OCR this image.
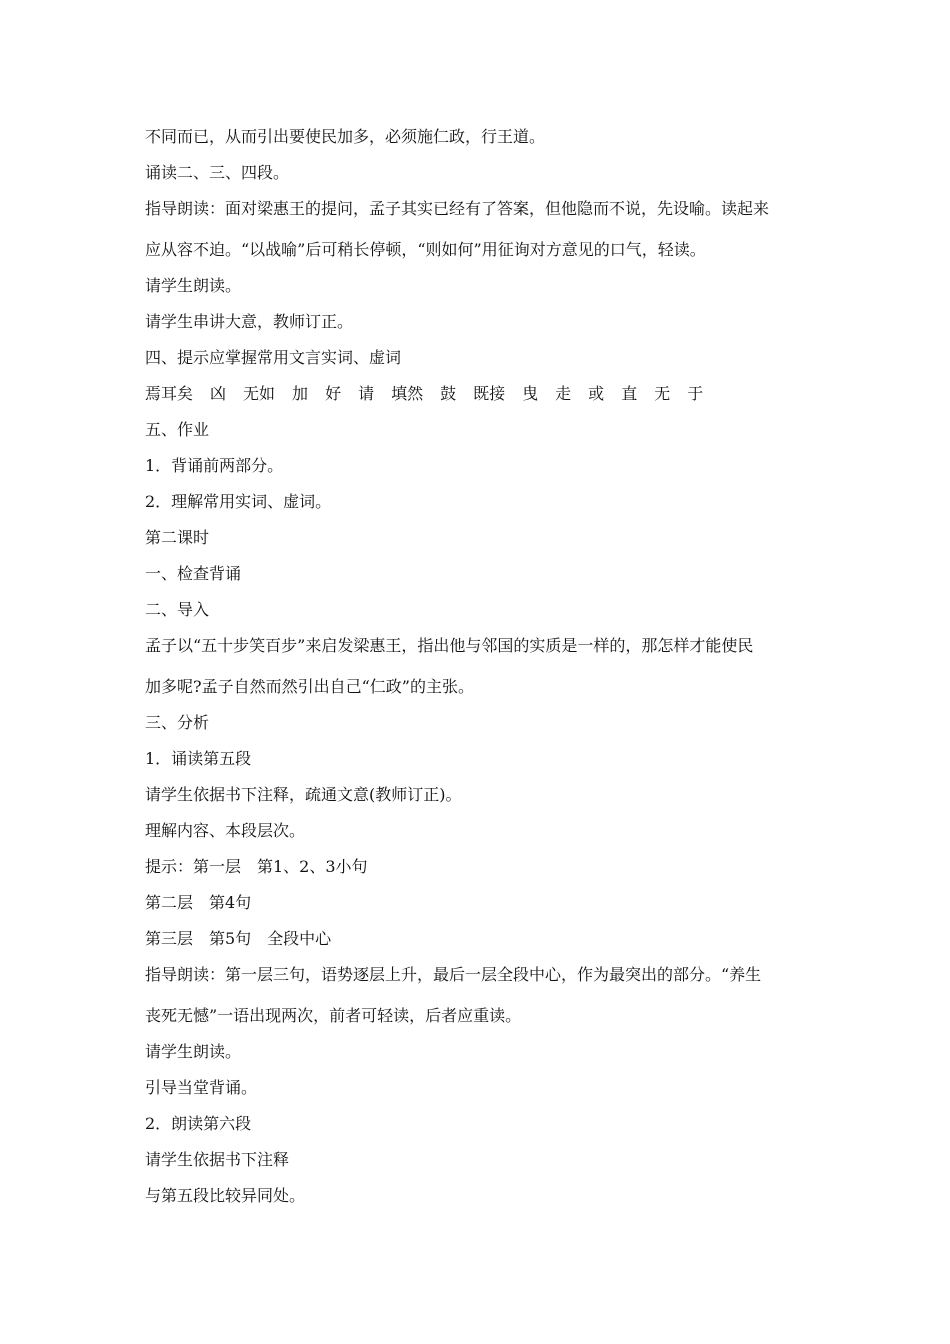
不同而已，从而引出要使民加多，必须施仁政，行王道。
诵读二、三、四段。
指导朗读：面对梁惠王的提问，孟子其实已经有了答案，但他隐而不说，先设喻。读起来
应从容不迫。“以战喻”后可稍长停顿，“则如何”用征询对方意见的口气，轻读。
请学生朗读。
请学生串讲大意，教师订正。
四、提示应掌握常用文言实词、虚词
焉耳矣 凶 无如 加 好 请 填然 鼓 既接 曳 走 或 直 无 于
五、作业
1．背诵前两部分。
2．理解常用实词、虚词。
第二课时
一、检查背诵
二、导入
孟子以“五十步笑百步”来启发梁惠王，指出他与邻国的实质是一样的，那怎样才能使民
加多呢?孟子自然而然引出自己“仁政”的主张。
三、分析
1．诵读第五段
请学生依据书下注释，疏通文意(教师订正)。
理解内容、本段层次。
提示：第一层　第1、2、3小句
第二层　第4句
第三层　第5句　全段中心
指导朗读：第一层三句，语势逐层上升，最后一层全段中心，作为最突出的部分。“养生
丧死无憾”一语出现两次，前者可轻读，后者应重读。
请学生朗读。
引导当堂背诵。
2．朗读第六段
请学生依据书下注释
与第五段比较异同处。
